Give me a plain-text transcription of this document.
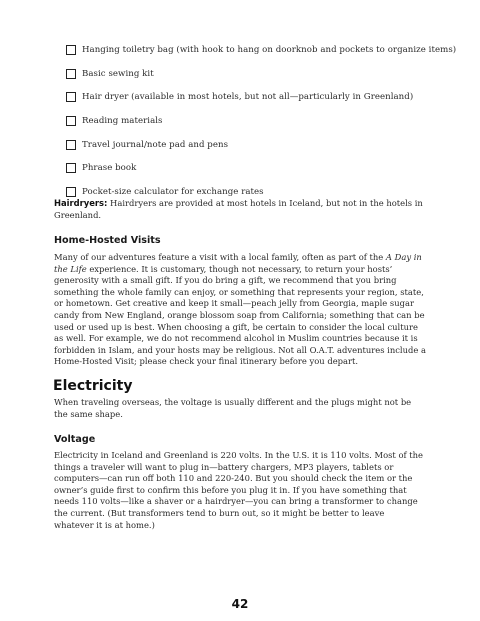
Hanging toiletry bag (with hook to hang on doorknob and pockets to organize items)
Basic sewing kit
Hair dryer (available in most hotels, but not all—particularly in Greenland)
Reading materials
Travel journal/note pad and pens
Phrase book
Pocket-size calculator for exchange rates

Hairdryers: Hairdryers are provided at most hotels in Iceland, but not in the hotels in Greenland.

Home-Hosted Visits

Many of our adventures feature a visit with a local family, often as part of the A Day in the Life experience. It is customary, though not necessary, to return your hosts’ generosity with a small gift. If you do bring a gift, we recommend that you bring something the whole family can enjoy, or something that represents your region, state, or hometown. Get creative and keep it small—peach jelly from Georgia, maple sugar candy from New England, orange blossom soap from California; something that can be used or used up is best. When choosing a gift, be certain to consider the local culture as well. For example, we do not recommend alcohol in Muslim countries because it is forbidden in Islam, and your hosts may be religious. Not all O.A.T. adventures include a Home-Hosted Visit; please check your final itinerary before you depart.

Electricity

When traveling overseas, the voltage is usually different and the plugs might not be the same shape.

Voltage

Electricity in Iceland and Greenland is 220 volts. In the U.S. it is 110 volts. Most of the things a traveler will want to plug in—battery chargers, MP3 players, tablets or computers—can run off both 110 and 220-240. But you should check the item or the owner’s guide first to confirm this before you plug it in. If you have something that needs 110 volts—like a shaver or a hairdryer—you can bring a transformer to change the current. (But transformers tend to burn out, so it might be better to leave whatever it is at home.)

42
